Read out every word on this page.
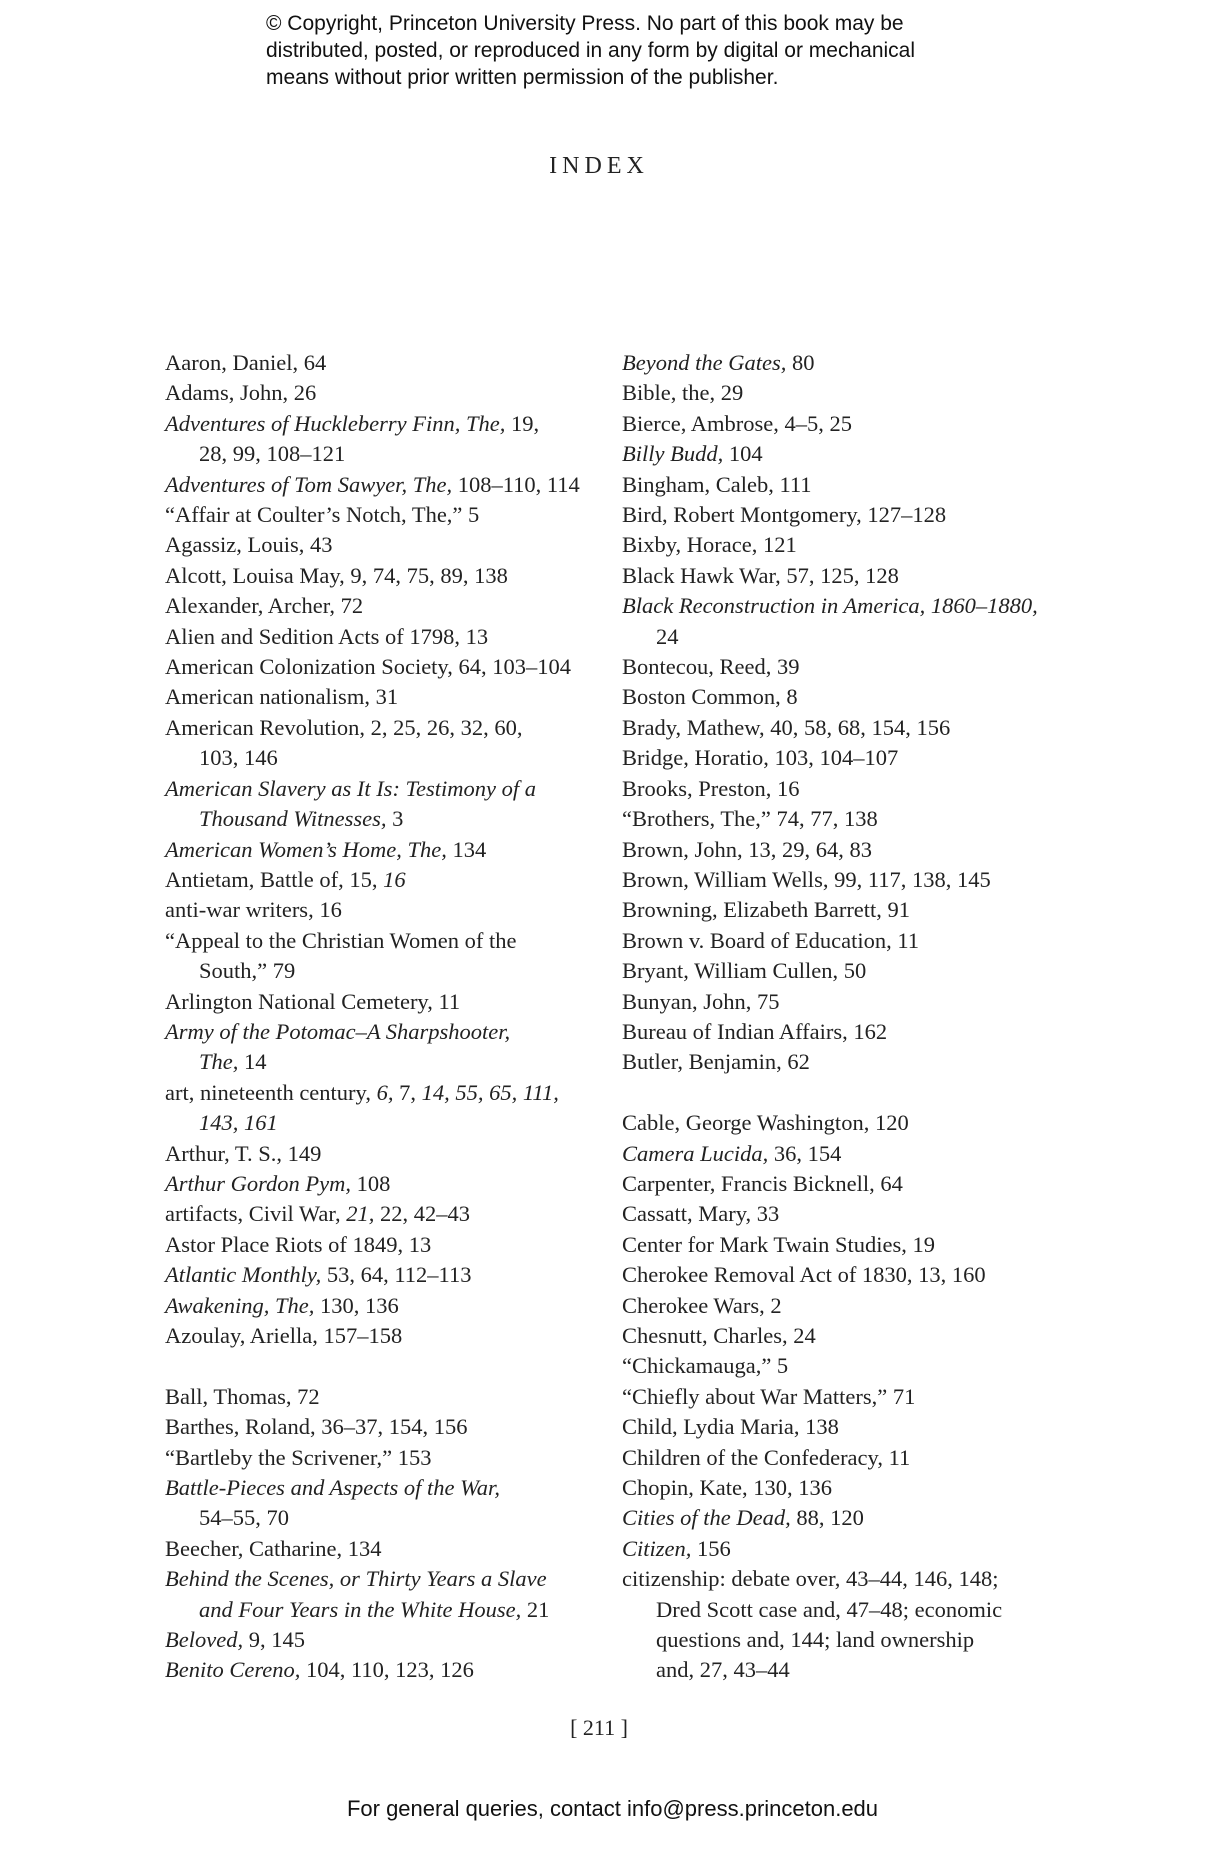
© Copyright, Princeton University Press. No part of this book may be
distributed, posted, or reproduced in any form by digital or mechanical
means without prior written permission of the publisher.
INDEX
Aaron, Daniel, 64
Adams, John, 26
Adventures of Huckleberry Finn, The, 19,
28, 99, 108–121
Adventures of Tom Sawyer, The, 108–110, 114
“Affair at Coulter’s Notch, The,” 5
Agassiz, Louis, 43
Alcott, Louisa May, 9, 74, 75, 89, 138
Alexander, Archer, 72
Alien and Sedition Acts of 1798, 13
American Colonization Society, 64, 103–104
American nationalism, 31
American Revolution, 2, 25, 26, 32, 60,
103, 146
American Slavery as It Is: Testimony of a
Thousand Witnesses, 3
American Women’s Home, The, 134
Antietam, Battle of, 15, 16
anti-war writers, 16
“Appeal to the Christian Women of the
South,” 79
Arlington National Cemetery, 11
Army of the Potomac–A Sharpshooter,
The, 14
art, nineteenth century, 6, 7, 14, 55, 65, 111,
143, 161
Arthur, T. S., 149
Arthur Gordon Pym, 108
artifacts, Civil War, 21, 22, 42–43
Astor Place Riots of 1849, 13
Atlantic Monthly, 53, 64, 112–113
Awakening, The, 130, 136
Azoulay, Ariella, 157–158
Ball, Thomas, 72
Barthes, Roland, 36–37, 154, 156
“Bartleby the Scrivener,” 153
Battle-Pieces and Aspects of the War,
54–55, 70
Beecher, Catharine, 134
Behind the Scenes, or Thirty Years a Slave
and Four Years in the White House, 21
Beloved, 9, 145
Benito Cereno, 104, 110, 123, 126
Beyond the Gates, 80
Bible, the, 29
Bierce, Ambrose, 4–5, 25
Billy Budd, 104
Bingham, Caleb, 111
Bird, Robert Montgomery, 127–128
Bixby, Horace, 121
Black Hawk War, 57, 125, 128
Black Reconstruction in America, 1860–1880,
24
Bontecou, Reed, 39
Boston Common, 8
Brady, Mathew, 40, 58, 68, 154, 156
Bridge, Horatio, 103, 104–107
Brooks, Preston, 16
“Brothers, The,” 74, 77, 138
Brown, John, 13, 29, 64, 83
Brown, William Wells, 99, 117, 138, 145
Browning, Elizabeth Barrett, 91
Brown v. Board of Education, 11
Bryant, William Cullen, 50
Bunyan, John, 75
Bureau of Indian Affairs, 162
Butler, Benjamin, 62
Cable, George Washington, 120
Camera Lucida, 36, 154
Carpenter, Francis Bicknell, 64
Cassatt, Mary, 33
Center for Mark Twain Studies, 19
Cherokee Removal Act of 1830, 13, 160
Cherokee Wars, 2
Chesnutt, Charles, 24
“Chickamauga,” 5
“Chiefly about War Matters,” 71
Child, Lydia Maria, 138
Children of the Confederacy, 11
Chopin, Kate, 130, 136
Cities of the Dead, 88, 120
Citizen, 156
citizenship: debate over, 43–44, 146, 148;
Dred Scott case and, 47–48; economic
questions and, 144; land ownership
and, 27, 43–44
[ 211 ]
For general queries, contact info@press.princeton.edu
